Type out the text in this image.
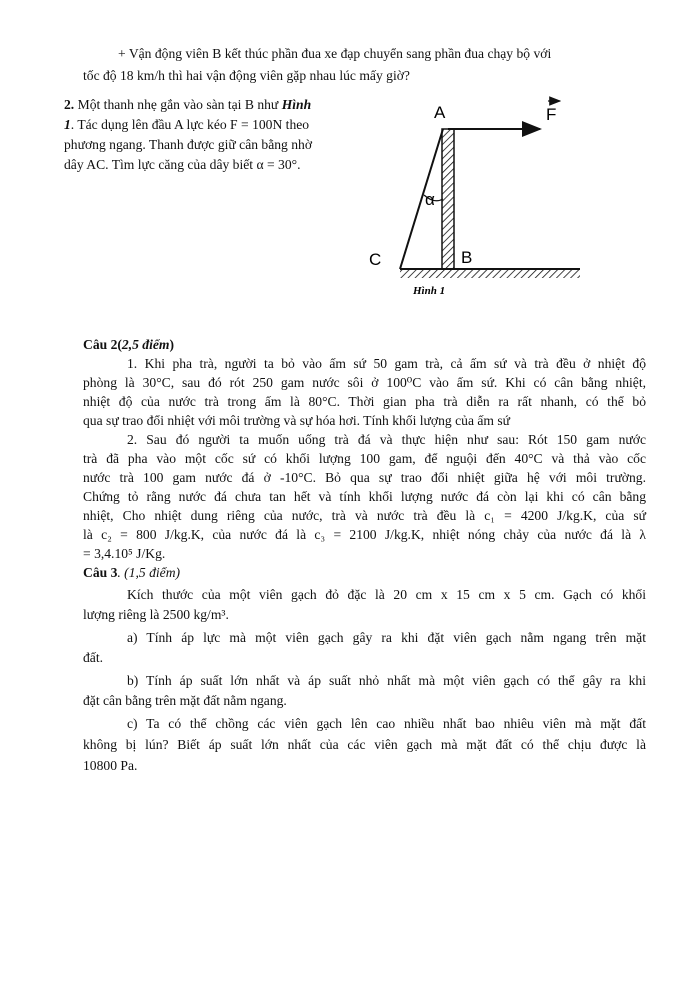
+ Vận động viên B kết thúc phần đua xe đạp chuyển sang phần đua chạy bộ với
tốc độ 18 km/h thì hai vận động viên gặp nhau lúc mấy giờ?
2. Một thanh nhẹ gắn vào sàn tại B như Hình
1. Tác dụng lên đầu A lực kéo F = 100N theo
phương ngang. Thanh được giữ cân bằng nhờ
dây AC. Tìm lực căng của dây biết α = 30°.
A	F
α
C	B
Hình 1
Câu 2(2,5 điểm)
1. Khi pha trà, người ta bỏ vào ấm sứ 50 gam trà, cả ấm sứ và trà đều ở nhiệt độ
phòng là 30°C, sau đó rót 250 gam nước sôi ở 100⁰C vào ấm sứ. Khi có cân bằng nhiệt,
nhiệt độ của nước trà trong ấm là 80°C. Thời gian pha trà diễn ra rất nhanh, có thể bỏ
qua sự trao đổi nhiệt với môi trường và sự hóa hơi. Tính khối lượng của ấm sứ
2. Sau đó người ta muốn uống trà đá và thực hiện như sau: Rót 150 gam nước
trà đã pha vào một cốc sứ có khối lượng 100 gam, để nguội đến 40°C và thả vào cốc
nước trà 100 gam nước đá ở -10°C. Bỏ qua sự trao đổi nhiệt giữa hệ với môi trường.
Chứng tỏ rằng nước đá chưa tan hết và tính khối lượng nước đá còn lại khi có cân bằng
nhiệt, Cho nhiệt dung riêng của nước, trà và nước trà đều là c₁ = 4200 J/kg.K, của sứ
là c₂ = 800 J/kg.K, của nước đá là c₃ = 2100 J/kg.K, nhiệt nóng chảy của nước đá là λ
= 3,4.10⁵ J/Kg.
Câu 3. (1,5 điểm)
Kích thước của một viên gạch đỏ đặc là 20 cm x 15 cm x 5 cm. Gạch có khối
lượng riêng là 2500 kg/m³.
a) Tính áp lực mà một viên gạch gây ra khi đặt viên gạch nằm ngang trên mặt
đất.
b) Tính áp suất lớn nhất và áp suất nhỏ nhất mà một viên gạch có thể gây ra khi
đặt cân bằng trên mặt đất nằm ngang.
c) Ta có thể chồng các viên gạch lên cao nhiều nhất bao nhiêu viên mà mặt đất
không bị lún? Biết áp suất lớn nhất của các viên gạch mà mặt đất có thể chịu được là
10800 Pa.
